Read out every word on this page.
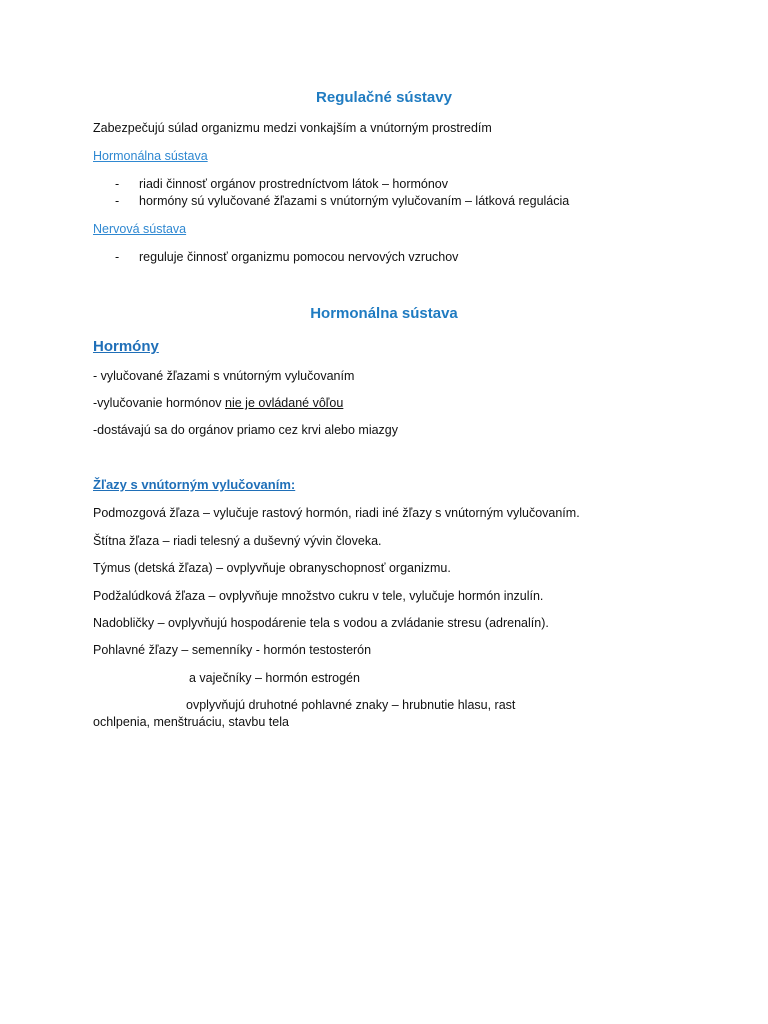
Regulačné sústavy
Zabezpečujú súlad organizmu medzi vonkajším a vnútorným prostredím
Hormonálna sústava
- riadi činnosť orgánov prostredníctvom látok – hormónov
- hormóny sú vylučované žľazami s vnútorným vylučovaním – látková regulácia
Nervová sústava
- reguluje činnosť organizmu pomocou nervových vzruchov
Hormonálna sústava
Hormóny
- vylučované žľazami s vnútorným vylučovaním
-vylučovanie hormónov nie je ovládané vôľou
-dostávajú sa do orgánov priamo cez krvi alebo miazgy
Žľazy s vnútorným vylučovaním:
Podmozgová žľaza – vylučuje rastový hormón, riadi iné žľazy s vnútorným vylučovaním.
Štítna žľaza – riadi telesný a duševný vývin človeka.
Týmus (detská žľaza) – ovplyvňuje obranyschopnosť organizmu.
Podžalúdková žľaza – ovplyvňuje množstvo cukru v tele, vylučuje hormón inzulín.
Nadobličky – ovplyvňujú hospodárenie tela s vodou a zvládanie stresu (adrenalín).
Pohlavné žľazy – semenníky - hormón testosterón
a vaječníky – hormón estrogén
ovplyvňujú druhotné pohlavné znaky – hrubnutie hlasu, rast
ochlpenia, menštruáciu, stavbu tela
